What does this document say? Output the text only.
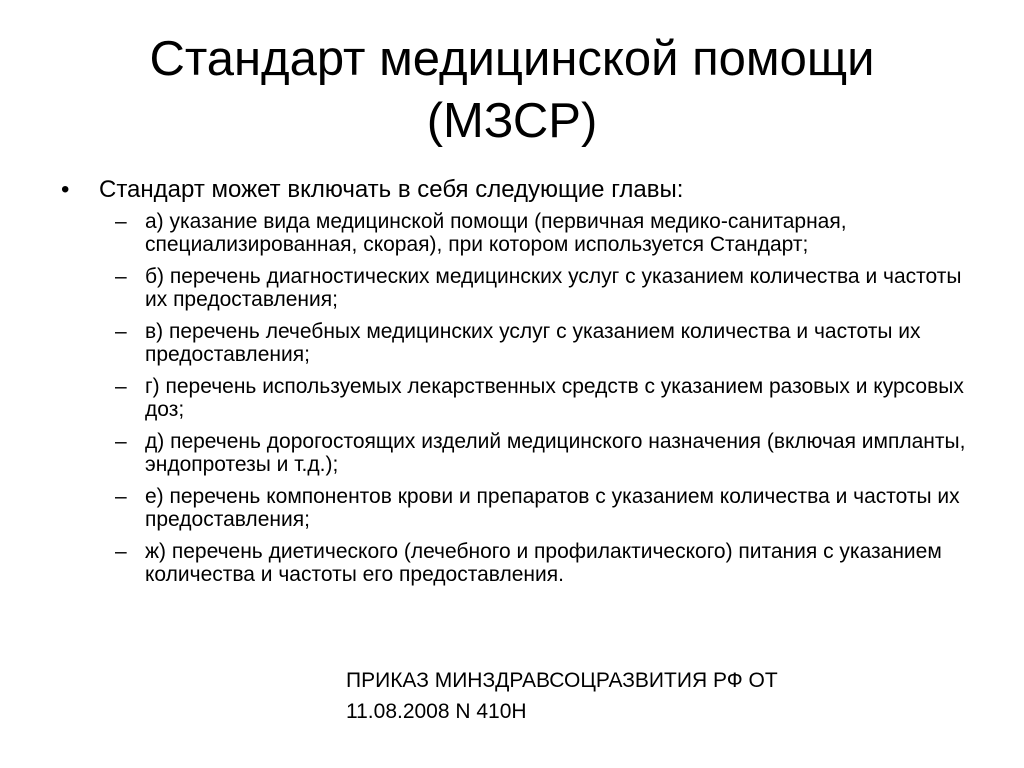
Стандарт медицинской помощи
(МЗСР)
•	Стандарт может включать в себя следующие главы:
– а) указание вида медицинской помощи (первичная медико-санитарная, специализированная, скорая), при котором используется Стандарт;
– б) перечень диагностических медицинских услуг с указанием количества и частоты их предоставления;
– в) перечень лечебных медицинских услуг с указанием количества и частоты их предоставления;
– г) перечень используемых лекарственных средств с указанием разовых и курсовых доз;
– д) перечень дорогостоящих изделий медицинского назначения (включая импланты, эндопротезы и т.д.);
– е) перечень компонентов крови и препаратов с указанием количества и частоты их предоставления;
– ж) перечень диетического (лечебного и профилактического) питания с указанием количества и частоты его предоставления.
ПРИКАЗ МИНЗДРАВСОЦРАЗВИТИЯ РФ ОТ
11.08.2008 N 410Н
